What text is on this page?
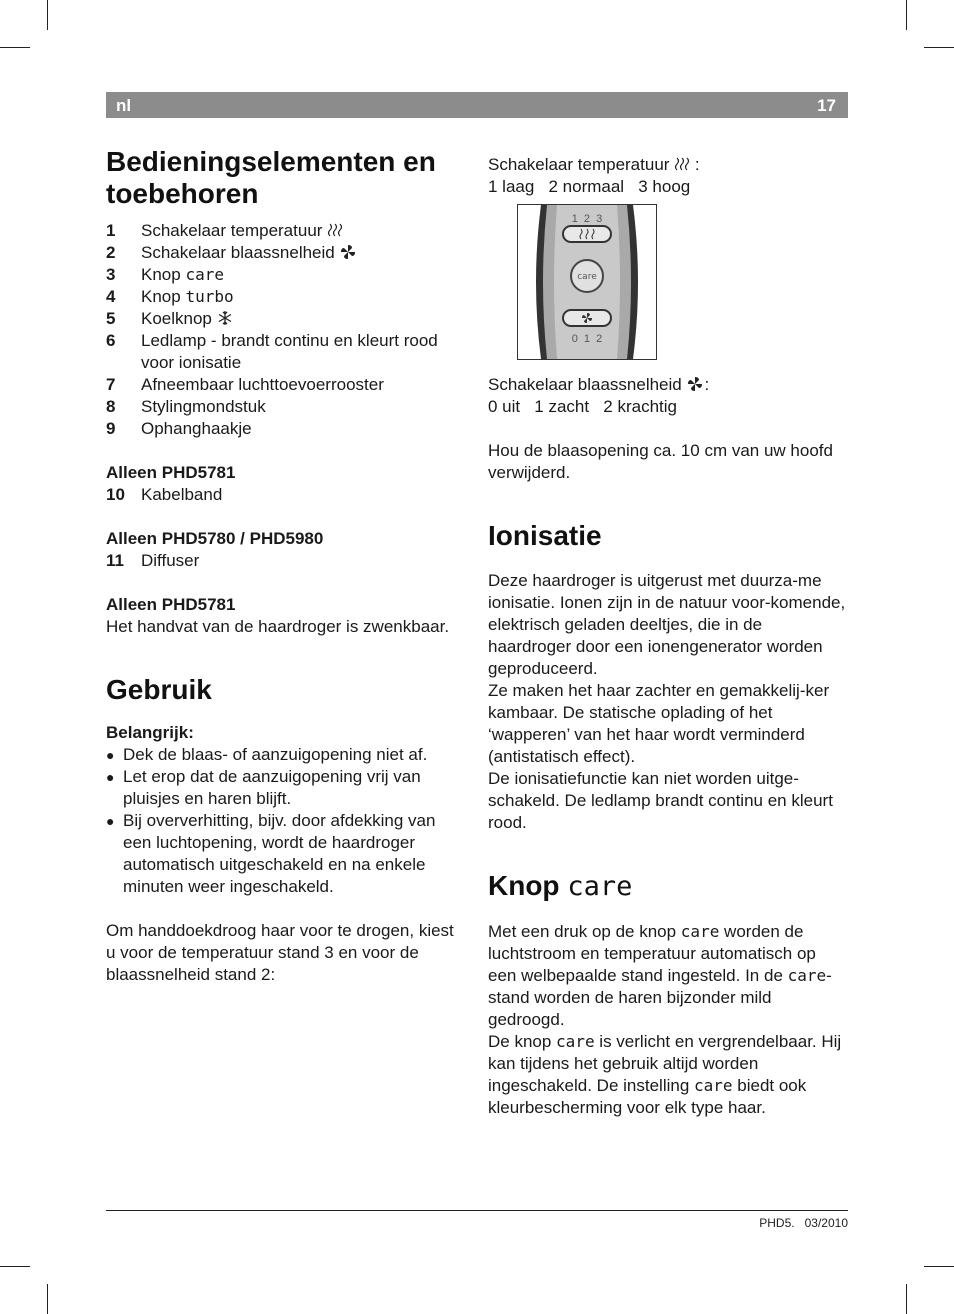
nl	17
Bedieningselementen en toebehoren
1 Schakelaar temperatuur
2 Schakelaar blaassnelheid
3 Knop care
4 Knop turbo
5 Koelknop
6 Ledlamp - brandt continu en kleurt rood voor ionisatie
7 Afneembaar luchttoevoerrooster
8 Stylingmondstuk
9 Ophanghaakje
Alleen PHD5781
10 Kabelband
Alleen PHD5780 / PHD5980
11 Diffuser
Alleen PHD5781

Het handvat van de haardroger is zwenkbaar.

Gebruik
Belangrijk:
● Dek de blaas- of aanzuigopening niet af.
● Let erop dat de aanzuigopening vrij van pluisjes en haren blijft.
● Bij oververhitting, bijv. door afdekking van een luchtopening, wordt de haardroger automatisch uitgeschakeld en na enkele minuten weer ingeschakeld.

Om handdoekdroog haar voor te drogen, kiest u voor de temperatuur stand 3 en voor de blaassnelheid stand 2:

Schakelaar temperatuur  :
1 laag   2 normaal   3 hoog
1  2  3
care
0  1  2
Schakelaar blaassnelheid :
0 uit   1 zacht   2 krachtig

Hou de blaasopening ca. 10 cm van uw hoofd verwijderd.

Ionisatie

Deze haardroger is uitgerust met duurza-me ionisatie. Ionen zijn in de natuur voor-komende, elektrisch geladen deeltjes, die in de haardroger door een ionengenerator worden geproduceerd.

Ze maken het haar zachter en gemakkelij-ker kambaar. De statische oplading of het ‘wapperen’ van het haar wordt verminderd (antistatisch effect).

De ionisatiefunctie kan niet worden uitge-schakeld. De ledlamp brandt continu en kleurt rood.

Knop care

Met een druk op de knop care worden de luchtstroom en temperatuur automatisch op een welbepaalde stand ingesteld. In de care-stand worden de haren bijzonder mild gedroogd.

De knop care is verlicht en vergrendelbaar. Hij kan tijdens het gebruik altijd worden ingeschakeld. De instelling care biedt ook kleurbescherming voor elk type haar.

PHD5. 03/2010
